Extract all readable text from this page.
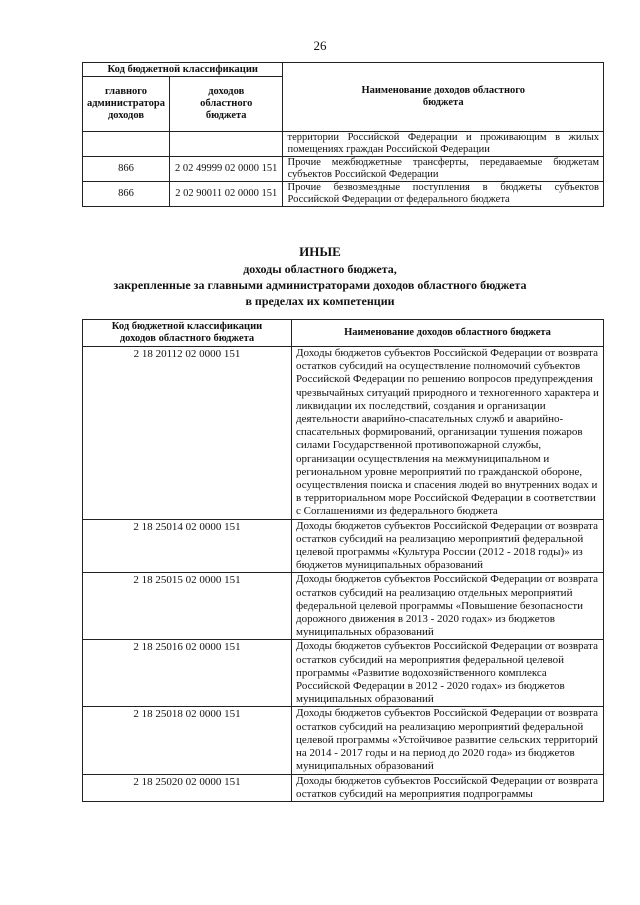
26
Код бюджетной классификации		Наименование доходов областного бюджета
главного администратора доходов	доходов областного бюджета	
		территории Российской Федерации и проживающим в жилых помещениях граждан Российской Федерации
866	2 02 49999 02 0000 151	Прочие межбюджетные трансферты, передаваемые бюджетам субъектов Российской Федерации
866	2 02 90011 02 0000 151	Прочие безвозмездные поступления в бюджеты субъектов Российской Федерации от федерального бюджета
ИНЫЕ
доходы областного бюджета,
закрепленные за главными администраторами доходов областного бюджета
в пределах их компетенции
Код бюджетной классификации доходов областного бюджета	Наименование доходов областного бюджета
2 18 20112 02 0000 151	Доходы бюджетов субъектов Российской Федерации от возврата остатков субсидий на осуществление полномочий субъектов Российской Федерации по решению вопросов предупреждения чрезвычайных ситуаций природного и техногенного характера и ликвидации их последствий, создания и организации деятельности аварийно-спасательных служб и аварийно-спасательных формирований, организации тушения пожаров силами Государственной противопожарной службы, организации осуществления на межмуниципальном и региональном уровне мероприятий по гражданской обороне, осуществления поиска и спасения людей во внутренних водах и в территориальном море Российской Федерации в соответствии с Соглашениями из федерального бюджета
2 18 25014 02 0000 151	Доходы бюджетов субъектов Российской Федерации от возврата остатков субсидий на реализацию мероприятий федеральной целевой программы «Культура России (2012 - 2018 годы)» из бюджетов муниципальных образований
2 18 25015 02 0000 151	Доходы бюджетов субъектов Российской Федерации от возврата остатков субсидий на реализацию отдельных мероприятий федеральной целевой программы «Повышение безопасности дорожного движения в 2013 - 2020 годах» из бюджетов муниципальных образований
2 18 25016 02 0000 151	Доходы бюджетов субъектов Российской Федерации от возврата остатков субсидий на мероприятия федеральной целевой программы «Развитие водохозяйственного комплекса Российской Федерации в 2012 - 2020 годах» из бюджетов муниципальных образований
2 18 25018 02 0000 151	Доходы бюджетов субъектов Российской Федерации от возврата остатков субсидий на реализацию мероприятий федеральной целевой программы «Устойчивое развитие сельских территорий на 2014 - 2017 годы и на период до 2020 года» из бюджетов муниципальных образований
2 18 25020 02 0000 151	Доходы бюджетов субъектов Российской Федерации от возврата остатков субсидий на мероприятия подпрограммы
